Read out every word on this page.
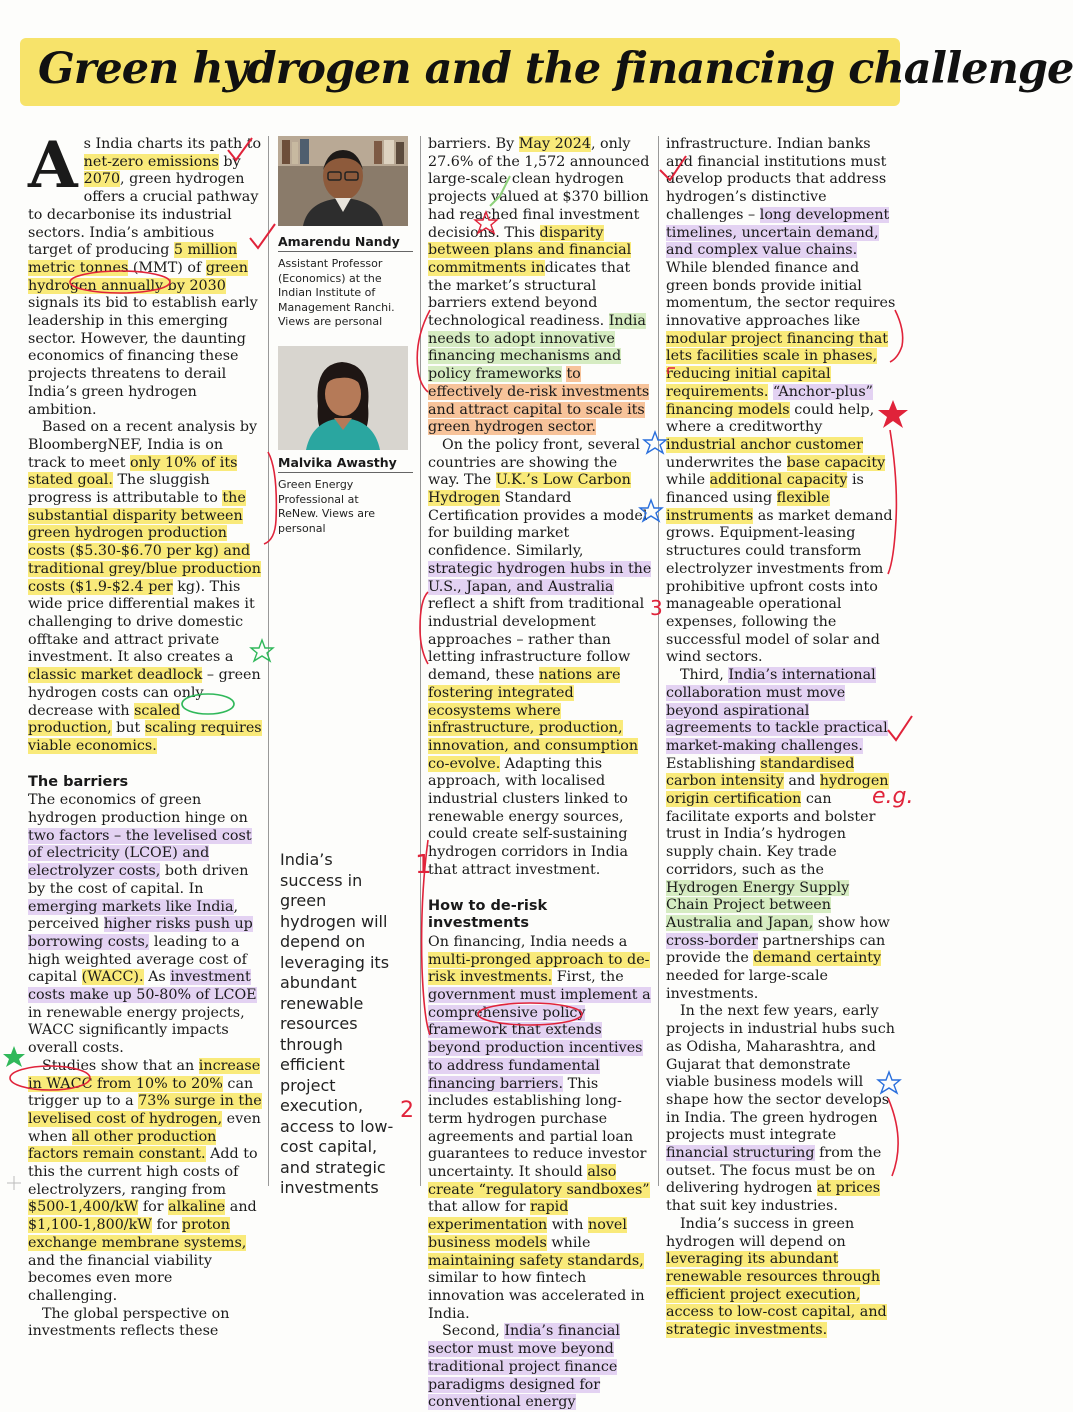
Green hydrogen and the financing challenge

As India charts its path to net-zero emissions by 2070, green hydrogen offers a crucial pathway to decarbonise its industrial sectors. India’s ambitious target of producing 5 million metric tonnes (MMT) of green hydrogen annually by 2030 signals its bid to establish early leadership in this emerging sector. However, the daunting economics of financing these projects threatens to derail India’s green hydrogen ambition.

Based on a recent analysis by BloombergNEF, India is on track to meet only 10% of its stated goal. The sluggish progress is attributable to the substantial disparity between green hydrogen production costs ($5.30-$6.70 per kg) and traditional grey/blue production costs ($1.9-$2.4 per kg). This wide price differential makes it challenging to drive domestic offtake and attract private investment. It also creates a classic market deadlock – green hydrogen costs can only decrease with scaled production, but scaling requires viable economics.

The barriers

The economics of green hydrogen production hinge on two factors – the levelised cost of electricity (LCOE) and electrolyzer costs, both driven by the cost of capital. In emerging markets like India, perceived higher risks push up borrowing costs, leading to a high weighted average cost of capital (WACC). As investment costs make up 50-80% of LCOE in renewable energy projects, WACC significantly impacts overall costs.

Studies show that an increase in WACC from 10% to 20% can trigger up to a 73% surge in the levelised cost of hydrogen, even when all other production factors remain constant. Add to this the current high costs of electrolyzers, ranging from $500-1,400/kW for alkaline and $1,100-1,800/kW for proton exchange membrane systems, and the financial viability becomes even more challenging.

The global perspective on investments reflects these

Amarendu Nandy
Assistant Professor (Economics) at the Indian Institute of Management Ranchi. Views are personal
Malvika Awasthy
Green Energy Professional at ReNew. Views are personal
India’s success in green hydrogen will depend on leveraging its abundant renewable resources through efficient project execution, access to low-cost capital, and strategic investments

barriers. By May 2024, only 27.6% of the 1,572 announced large-scale clean hydrogen projects valued at $370 billion had reached final investment decisions. This disparity between plans and financial commitments indicates that the market’s structural barriers extend beyond technological readiness. India needs to adopt innovative financing mechanisms and policy frameworks to effectively de-risk investments and attract capital to scale its green hydrogen sector.

On the policy front, several countries are showing the way. The U.K.’s Low Carbon Hydrogen Standard Certification provides a model for building market confidence. Similarly, strategic hydrogen hubs in the U.S., Japan, and Australia reflect a shift from traditional industrial development approaches – rather than letting infrastructure follow demand, these nations are fostering integrated ecosystems where infrastructure, production, innovation, and consumption co-evolve. Adapting this approach, with localised industrial clusters linked to renewable energy sources, could create self-sustaining hydrogen corridors in India that attract investment.

How to de-risk investments

On financing, India needs a multi-pronged approach to de-risk investments. First, the government must implement a comprehensive policy framework that extends beyond production incentives to address fundamental financing barriers. This includes establishing long-term hydrogen purchase agreements and partial loan guarantees to reduce investor uncertainty. It should also create “regulatory sandboxes” that allow for rapid experimentation with novel business models while maintaining safety standards, similar to how fintech innovation was accelerated in India.

Second, India’s financial sector must move beyond traditional project finance paradigms designed for conventional energy

infrastructure. Indian banks and financial institutions must develop products that address hydrogen’s distinctive challenges – long development timelines, uncertain demand, and complex value chains. While blended finance and green bonds provide initial momentum, the sector requires innovative approaches like modular project financing that lets facilities scale in phases, reducing initial capital requirements. “Anchor-plus” financing models could help, where a creditworthy industrial anchor customer underwrites the base capacity while additional capacity is financed using flexible instruments as market demand grows. Equipment-leasing structures could transform electrolyzer investments from prohibitive upfront costs into manageable operational expenses, following the successful model of solar and wind sectors.

Third, India’s international collaboration must move beyond aspirational agreements to tackle practical market-making challenges. Establishing standardised carbon intensity and hydrogen origin certification can facilitate exports and bolster trust in India’s hydrogen supply chain. Key trade corridors, such as the Hydrogen Energy Supply Chain Project between Australia and Japan, show how cross-border partnerships can provide the demand certainty needed for large-scale investments.

In the next few years, early projects in industrial hubs such as Odisha, Maharashtra, and Gujarat that demonstrate viable business models will shape how the sector develops in India. The green hydrogen projects must integrate financial structuring from the outset. The focus must be on delivering hydrogen at prices that suit key industries.

India’s success in green hydrogen will depend on leveraging its abundant renewable resources through efficient project execution, access to low-cost capital, and strategic investments.

1
2
3
e.g.
